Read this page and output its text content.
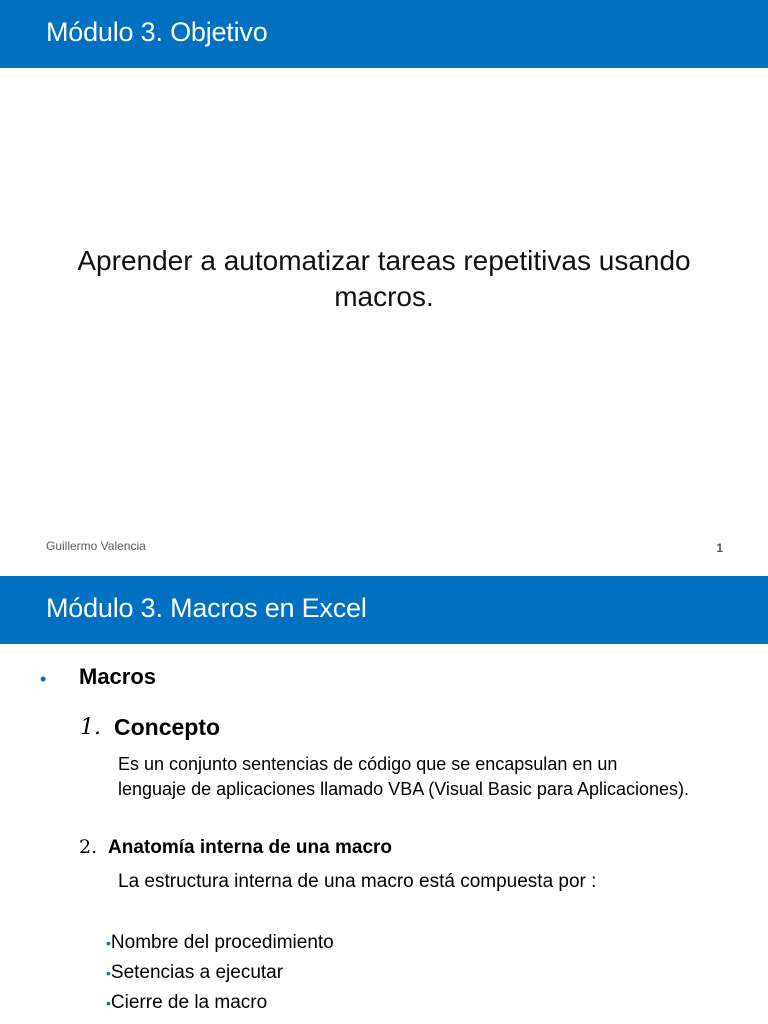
Módulo 3. Objetivo
Aprender a automatizar tareas repetitivas usando
macros.
Guillermo Valencia	1
Módulo 3. Macros en Excel
• Macros
1. Concepto
Es un conjunto sentencias de código que se encapsulan en un
lenguaje de aplicaciones llamado VBA (Visual Basic para Aplicaciones).
2. Anatomía interna de una macro
La estructura interna de una macro está compuesta por :
•Nombre del procedimiento
•Setencias a ejecutar
•Cierre de la macro
